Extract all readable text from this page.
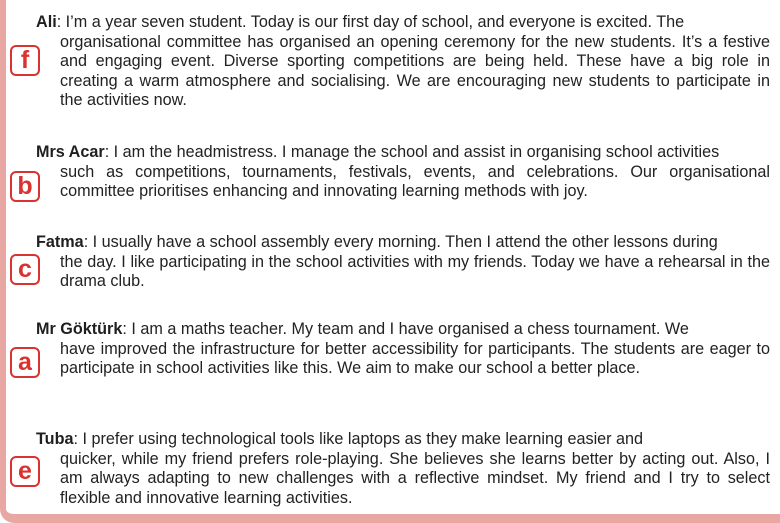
f

Ali: I’m a year seven student. Today is our first day of school, and everyone is excited. The
organisational committee has organised an opening ceremony for the new students. It’s a festive and engaging event. Diverse sporting competitions are being held. These have a big role in creating a warm atmosphere and socialising. We are encouraging new students to participate in the activities now.

b

Mrs Acar: I am the headmistress. I manage the school and assist in organising school activities
such as competitions, tournaments, festivals, events, and celebrations. Our organisational committee prioritises enhancing and innovating learning methods with joy.

c

Fatma: I usually have a school assembly every morning. Then I attend the other lessons during
the day. I like participating in the school activities with my friends. Today we have a rehearsal in the drama club.

a

Mr Göktürk: I am a maths teacher. My team and I have organised a chess tournament. We
have improved the infrastructure for better accessibility for participants. The students are eager to participate in school activities like this. We aim to make our school a better place.

e

Tuba: I prefer using technological tools like laptops as they make learning easier and
quicker, while my friend prefers role-playing. She believes she learns better by acting out. Also, I am always adapting to new challenges with a reflective mindset. My friend and I try to select flexible and innovative learning activities.
